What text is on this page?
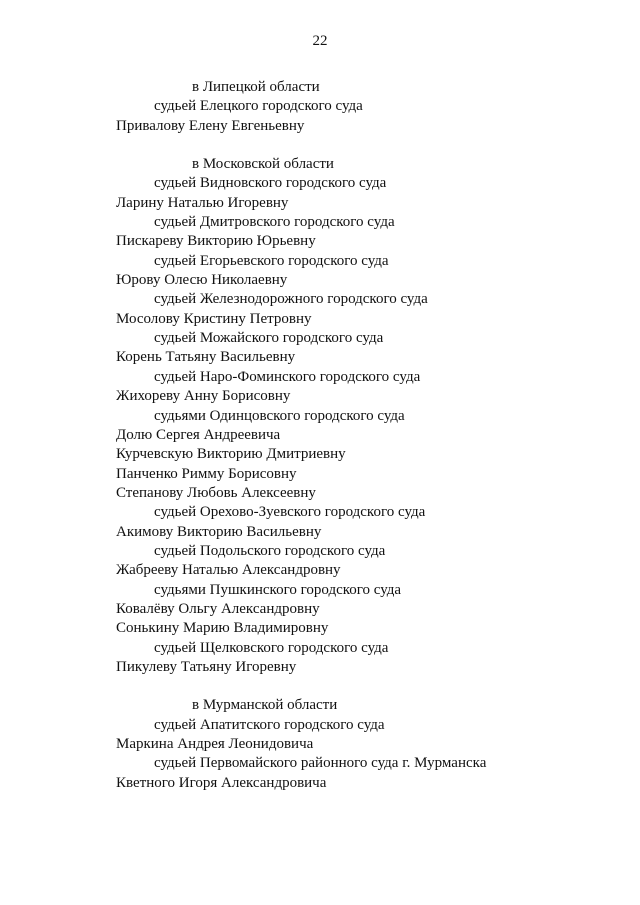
22
в Липецкой области
судьей Елецкого городского суда
Привалову Елену Евгеньевну
в Московской области
судьей Видновского городского суда
Ларину Наталью Игоревну
судьей Дмитровского городского суда
Пискареву Викторию Юрьевну
судьей Егорьевского городского суда
Юрову Олесю Николаевну
судьей Железнодорожного городского суда
Мосолову Кристину Петровну
судьей Можайского городского суда
Корень Татьяну Васильевну
судьей Наро-Фоминского городского суда
Жихореву Анну Борисовну
судьями Одинцовского городского суда
Долю Сергея Андреевича
Курчевскую Викторию Дмитриевну
Панченко Римму Борисовну
Степанову Любовь Алексеевну
судьей Орехово-Зуевского городского суда
Акимову Викторию Васильевну
судьей Подольского городского суда
Жабрееву Наталью Александровну
судьями Пушкинского городского суда
Ковалёву Ольгу Александровну
Сонькину Марию Владимировну
судьей Щелковского городского суда
Пикулеву Татьяну Игоревну
в Мурманской области
судьей Апатитского городского суда
Маркина Андрея Леонидовича
судьей Первомайского районного суда г. Мурманска
Кветного Игоря Александровича
